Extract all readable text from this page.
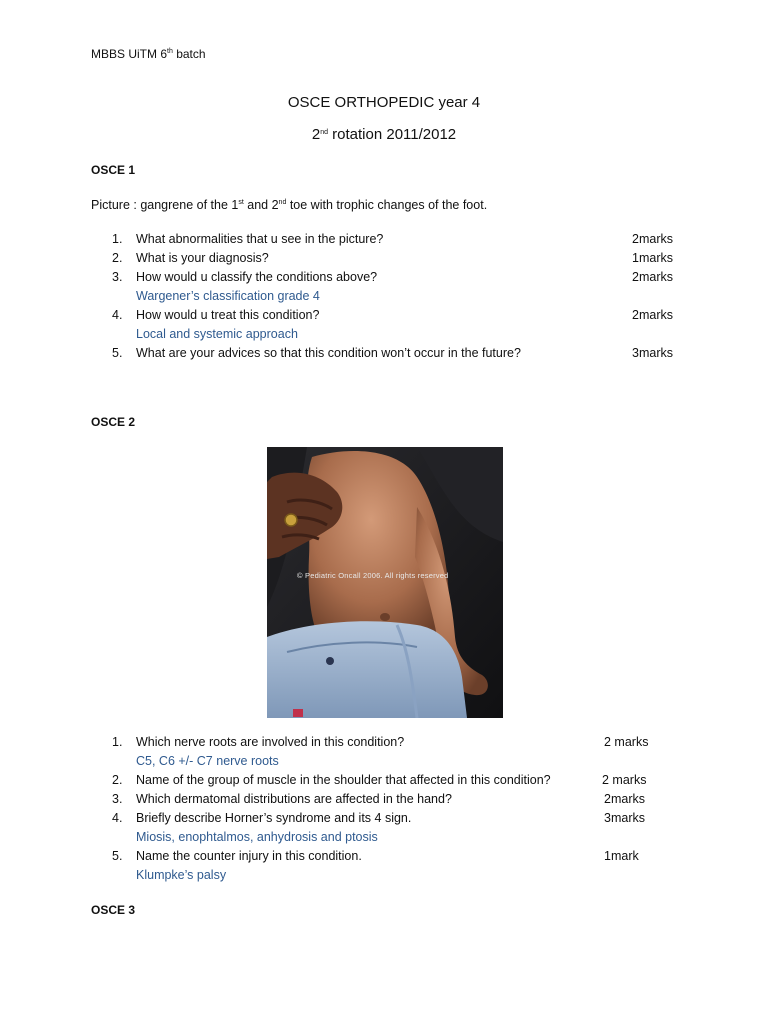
MBBS UiTM 6th batch
OSCE ORTHOPEDIC year 4
2nd rotation 2011/2012
OSCE 1
Picture : gangrene of the 1st and 2nd toe with trophic changes of the foot.
1. What abnormalities that u see in the picture?	2marks
2. What is your diagnosis?	1marks
3. How would u classify the conditions above?	2marks
Wargener’s classification grade 4
4. How would u treat this condition?	2marks
Local and systemic approach
5. What are your advices so that this condition won’t occur in the future?	3marks
OSCE 2
© Pediatric Oncall 2006. All rights reserved
1. Which nerve roots are involved in this condition?	2 marks
C5, C6 +/- C7 nerve roots
2. Name of the group of muscle in the shoulder that affected in this condition?	2 marks
3. Which dermatomal distributions are affected in the hand?	2marks
4. Briefly describe Horner’s syndrome and its 4 sign.	3marks
Miosis, enophtalmos, anhydrosis and ptosis
5. Name the counter injury in this condition.	1mark
Klumpke’s palsy
OSCE 3
